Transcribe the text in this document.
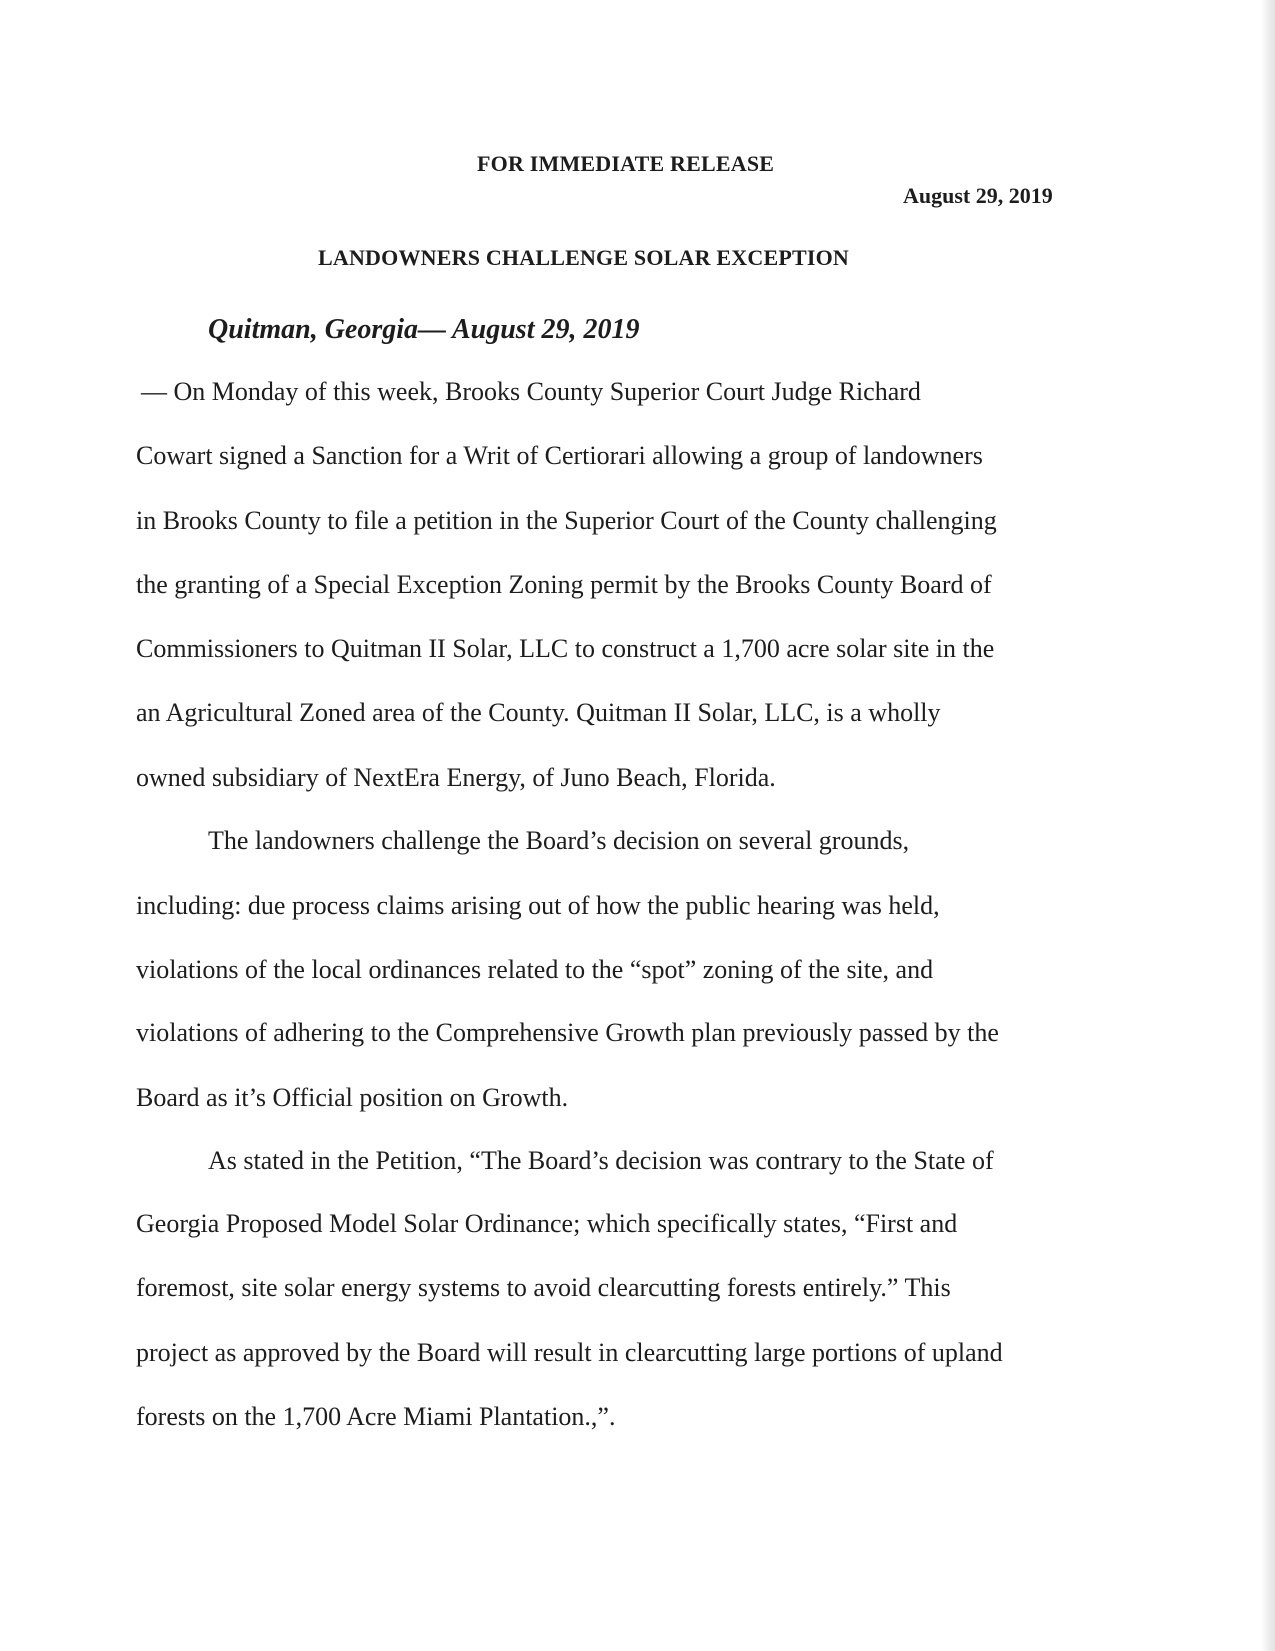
FOR IMMEDIATE RELEASE
August 29, 2019
LANDOWNERS CHALLENGE SOLAR EXCEPTION
Quitman, Georgia— August 29, 2019
— On Monday of this week, Brooks County Superior Court Judge Richard
Cowart signed a Sanction for a Writ of Certiorari allowing a group of landowners
in Brooks County to file a petition in the Superior Court of the County challenging
the granting of a Special Exception Zoning permit by the Brooks County Board of
Commissioners to Quitman II Solar, LLC to construct a 1,700 acre solar site in the
an Agricultural Zoned area of the County. Quitman II Solar, LLC, is a wholly
owned subsidiary of NextEra Energy, of Juno Beach, Florida.
The landowners challenge the Board’s decision on several grounds,
including: due process claims arising out of how the public hearing was held,
violations of the local ordinances related to the “spot” zoning of the site, and
violations of adhering to the Comprehensive Growth plan previously passed by the
Board as it’s Official position on Growth.
As stated in the Petition, “The Board’s decision was contrary to the State of
Georgia Proposed Model Solar Ordinance; which specifically states, “First and
foremost, site solar energy systems to avoid clearcutting forests entirely.” This
project as approved by the Board will result in clearcutting large portions of upland
forests on the 1,700 Acre Miami Plantation.,”.
